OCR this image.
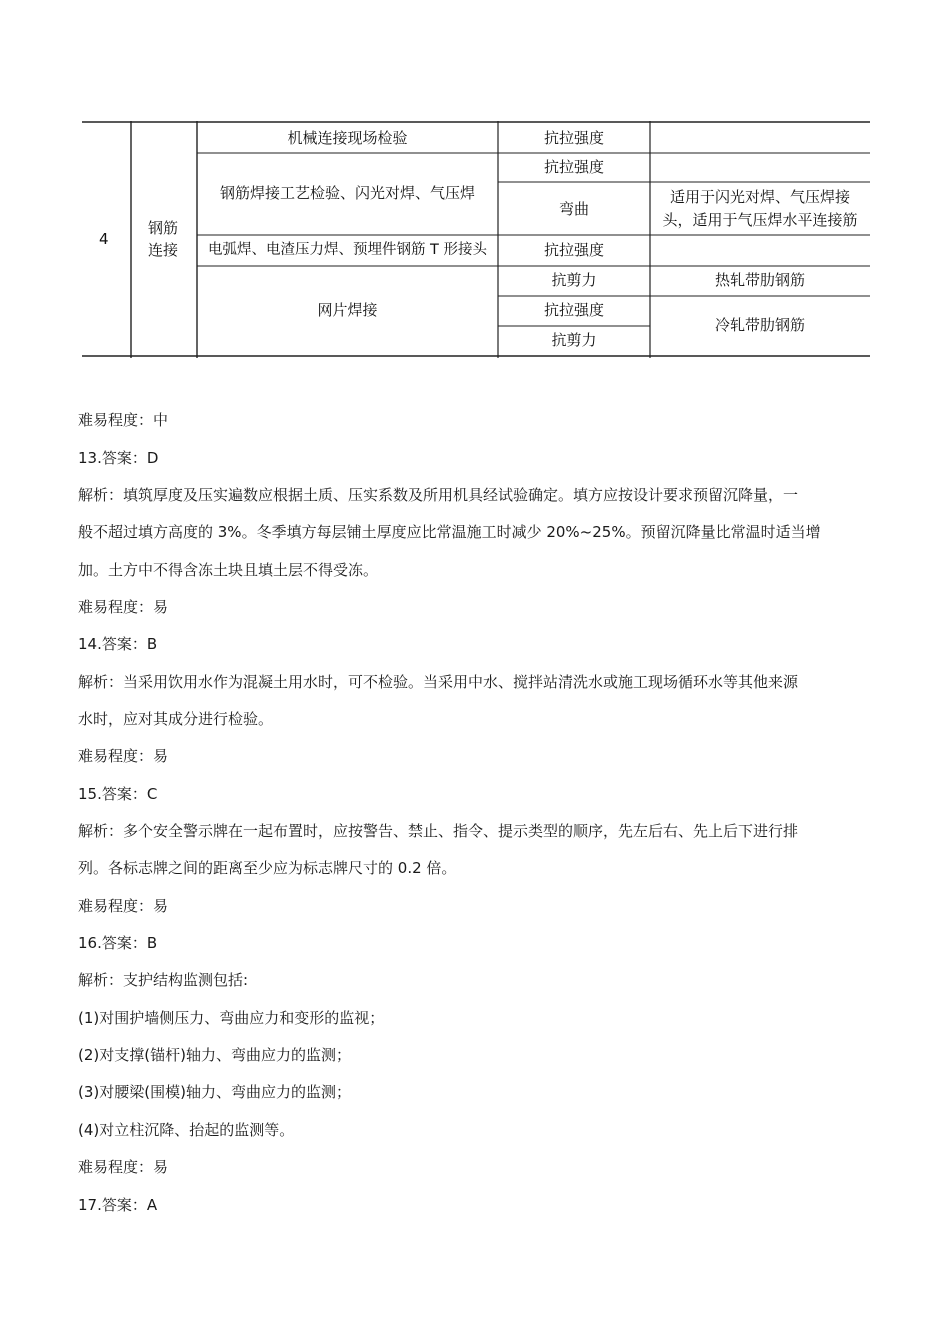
4
钢筋
连接
机械连接现场检验
钢筋焊接工艺检验、闪光对焊、气压焊
电弧焊、电渣压力焊、预埋件钢筋 T 形接头
网片焊接
抗拉强度
抗拉强度
弯曲
抗拉强度
抗剪力
抗拉强度
抗剪力
适用于闪光对焊、气压焊接
头，适用于气压焊水平连接筋
热轧带肋钢筋
冷轧带肋钢筋
难易程度：中
13.答案：D
解析：填筑厚度及压实遍数应根据土质、压实系数及所用机具经试验确定。填方应按设计要求预留沉降量，一
般不超过填方高度的 3%。冬季填方每层铺土厚度应比常温施工时减少 20%~25%。预留沉降量比常温时适当增
加。土方中不得含冻土块且填土层不得受冻。
难易程度：易
14.答案：B
解析：当采用饮用水作为混凝土用水时，可不检验。当采用中水、搅拌站清洗水或施工现场循环水等其他来源
水时，应对其成分进行检验。
难易程度：易
15.答案：C
解析：多个安全警示牌在一起布置时，应按警告、禁止、指令、提示类型的顺序，先左后右、先上后下进行排
列。各标志牌之间的距离至少应为标志牌尺寸的 0.2 倍。
难易程度：易
16.答案：B
解析：支护结构监测包括:
(1)对围护墙侧压力、弯曲应力和变形的监视；
(2)对支撑(锚杆)轴力、弯曲应力的监测；
(3)对腰梁(围模)轴力、弯曲应力的监测；
(4)对立柱沉降、抬起的监测等。
难易程度：易
17.答案：A
